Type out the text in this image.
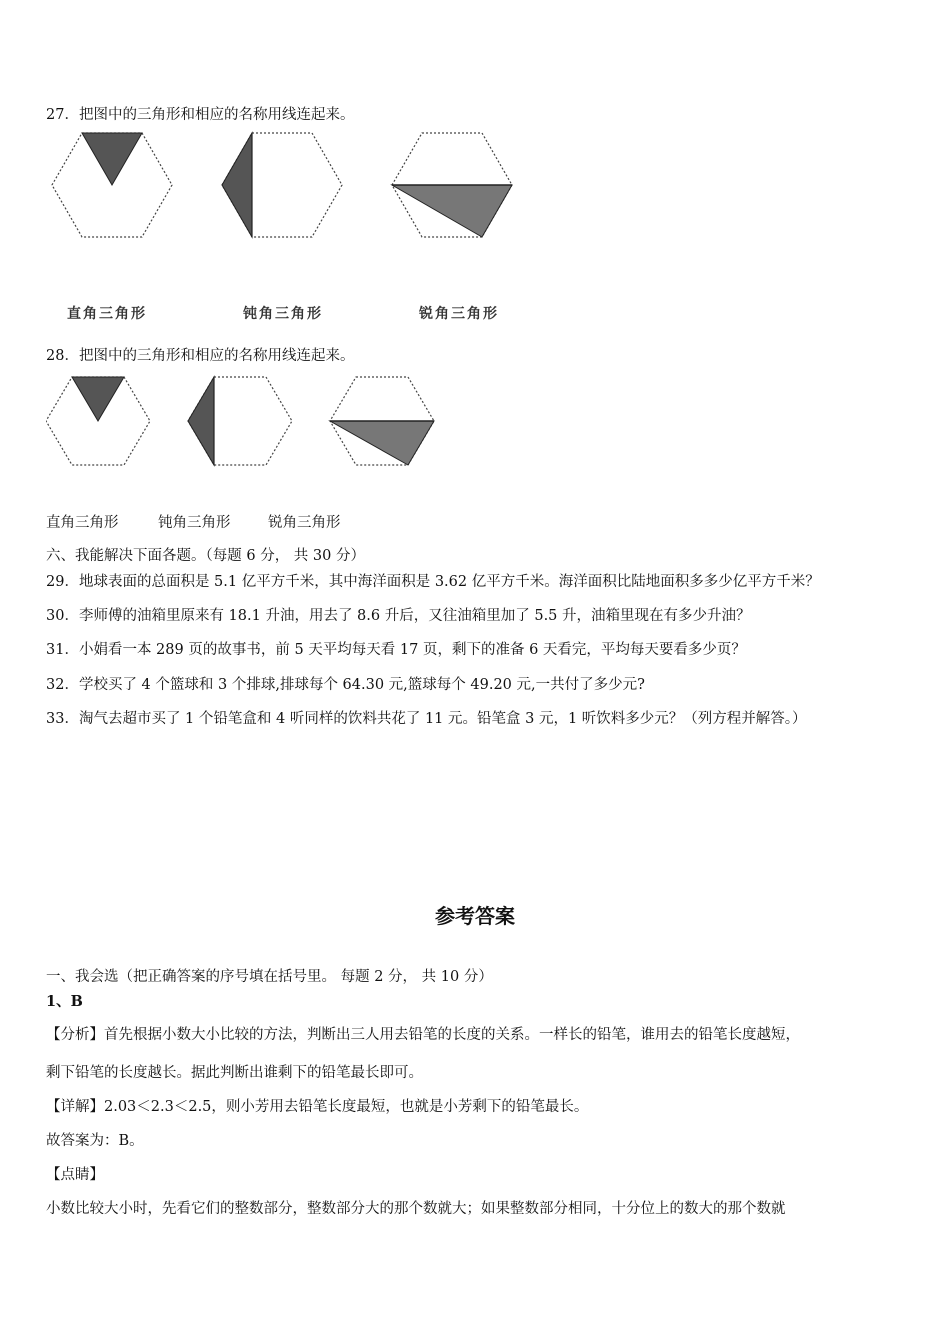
27．把图中的三角形和相应的名称用线连起来。
直角三角形	钝角三角形	锐角三角形
28．把图中的三角形和相应的名称用线连起来。
直角三角形	钝角三角形	锐角三角形
六、我能解决下面各题。（每题 6 分， 共 30 分）
29．地球表面的总面积是 5.1 亿平方千米，其中海洋面积是 3.62 亿平方千米。海洋面积比陆地面积多多少亿平方千米？
30．李师傅的油箱里原来有 18.1 升油，用去了 8.6 升后，又往油箱里加了 5.5 升，油箱里现在有多少升油？
31．小娟看一本 289 页的故事书，前 5 天平均每天看 17 页，剩下的准备 6 天看完，平均每天要看多少页？
32．学校买了 4 个篮球和 3 个排球,排球每个 64.30 元,篮球每个 49.20 元,一共付了多少元?
33．淘气去超市买了 1 个铅笔盒和 4 听同样的饮料共花了 11 元。铅笔盒 3 元，1 听饮料多少元？（列方程并解答。）
参考答案
一、我会选（把正确答案的序号填在括号里。 每题 2 分， 共 10 分）
1、B
【分析】首先根据小数大小比较的方法，判断出三人用去铅笔的长度的关系。一样长的铅笔，谁用去的铅笔长度越短，
剩下铅笔的长度越长。据此判断出谁剩下的铅笔最长即可。
【详解】2.03＜2.3＜2.5，则小芳用去铅笔长度最短，也就是小芳剩下的铅笔最长。
故答案为：B。
【点睛】
小数比较大小时，先看它们的整数部分，整数部分大的那个数就大；如果整数部分相同，十分位上的数大的那个数就
